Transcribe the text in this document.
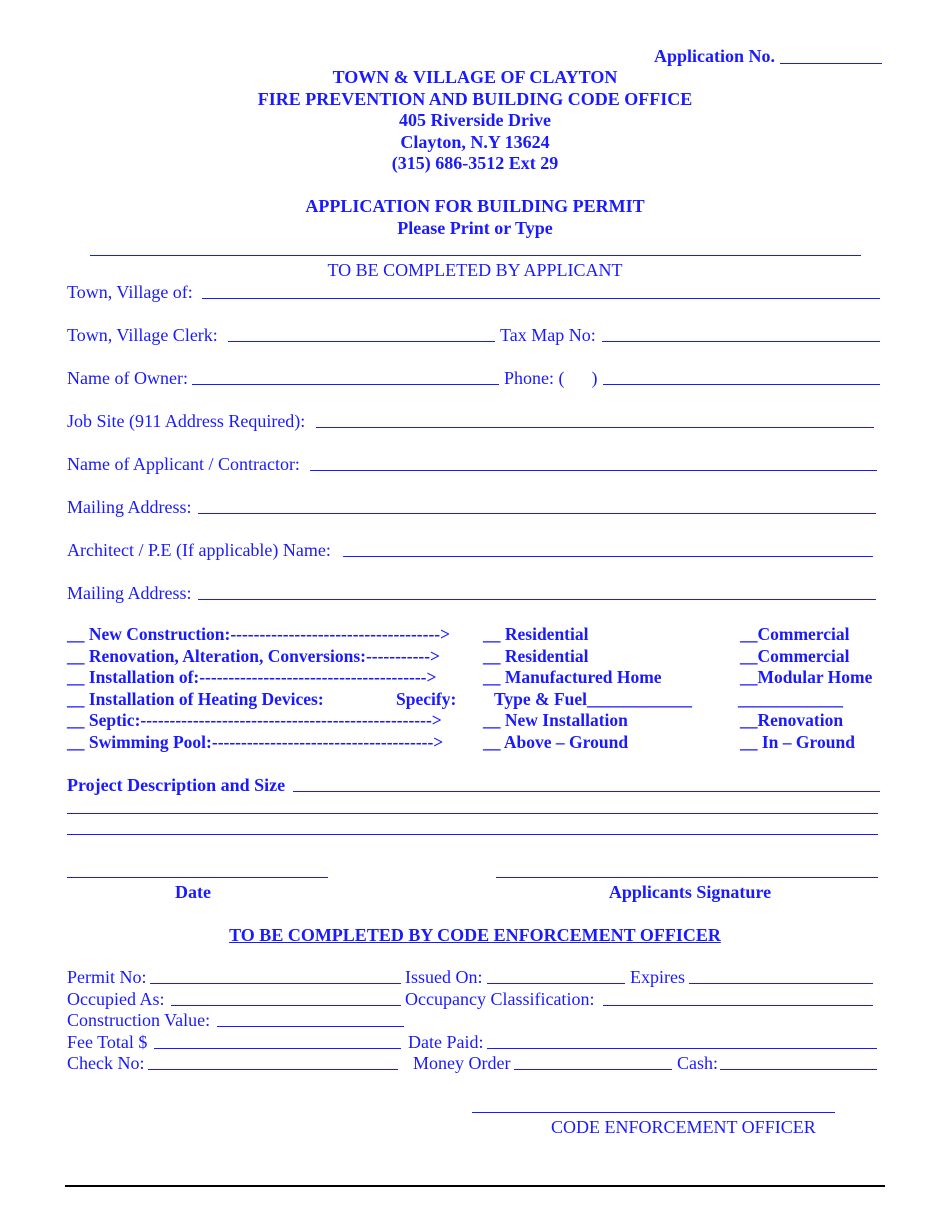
Application No.
TOWN & VILLAGE OF CLAYTON
FIRE PREVENTION AND BUILDING CODE OFFICE
405 Riverside Drive
Clayton, N.Y 13624
(315) 686-3512 Ext 29
APPLICATION FOR BUILDING PERMIT
Please Print or Type
TO BE COMPLETED BY APPLICANT
Town, Village of:
Town, Village Clerk:	Tax Map No:
Name of Owner:	Phone: (      )
Job Site (911 Address Required):
Name of Applicant / Contractor:
Mailing Address:
Architect / P.E (If applicable) Name:
Mailing Address:
__ New Construction:------------------------------------> __ Residential	__Commercial
__ Renovation, Alteration, Conversions:-----------> __ Residential	__Commercial
__ Installation of:--------------------------------------->	__ Manufactured Home	__Modular Home
__ Installation of Heating Devices:	Specify: Type & Fuel____________	____________
__ Septic:--------------------------------------------------> __ New Installation	__Renovation
__ Swimming Pool:--------------------------------------> __ Above – Ground	__ In – Ground
Project Description and Size
Date	Applicants Signature
TO BE COMPLETED BY CODE ENFORCEMENT OFFICER
Permit No:	Issued On:	Expires
Occupied As:	Occupancy Classification:
Construction Value:
Fee Total $	Date Paid:
Check No:	Money Order	Cash:
CODE ENFORCEMENT OFFICER
